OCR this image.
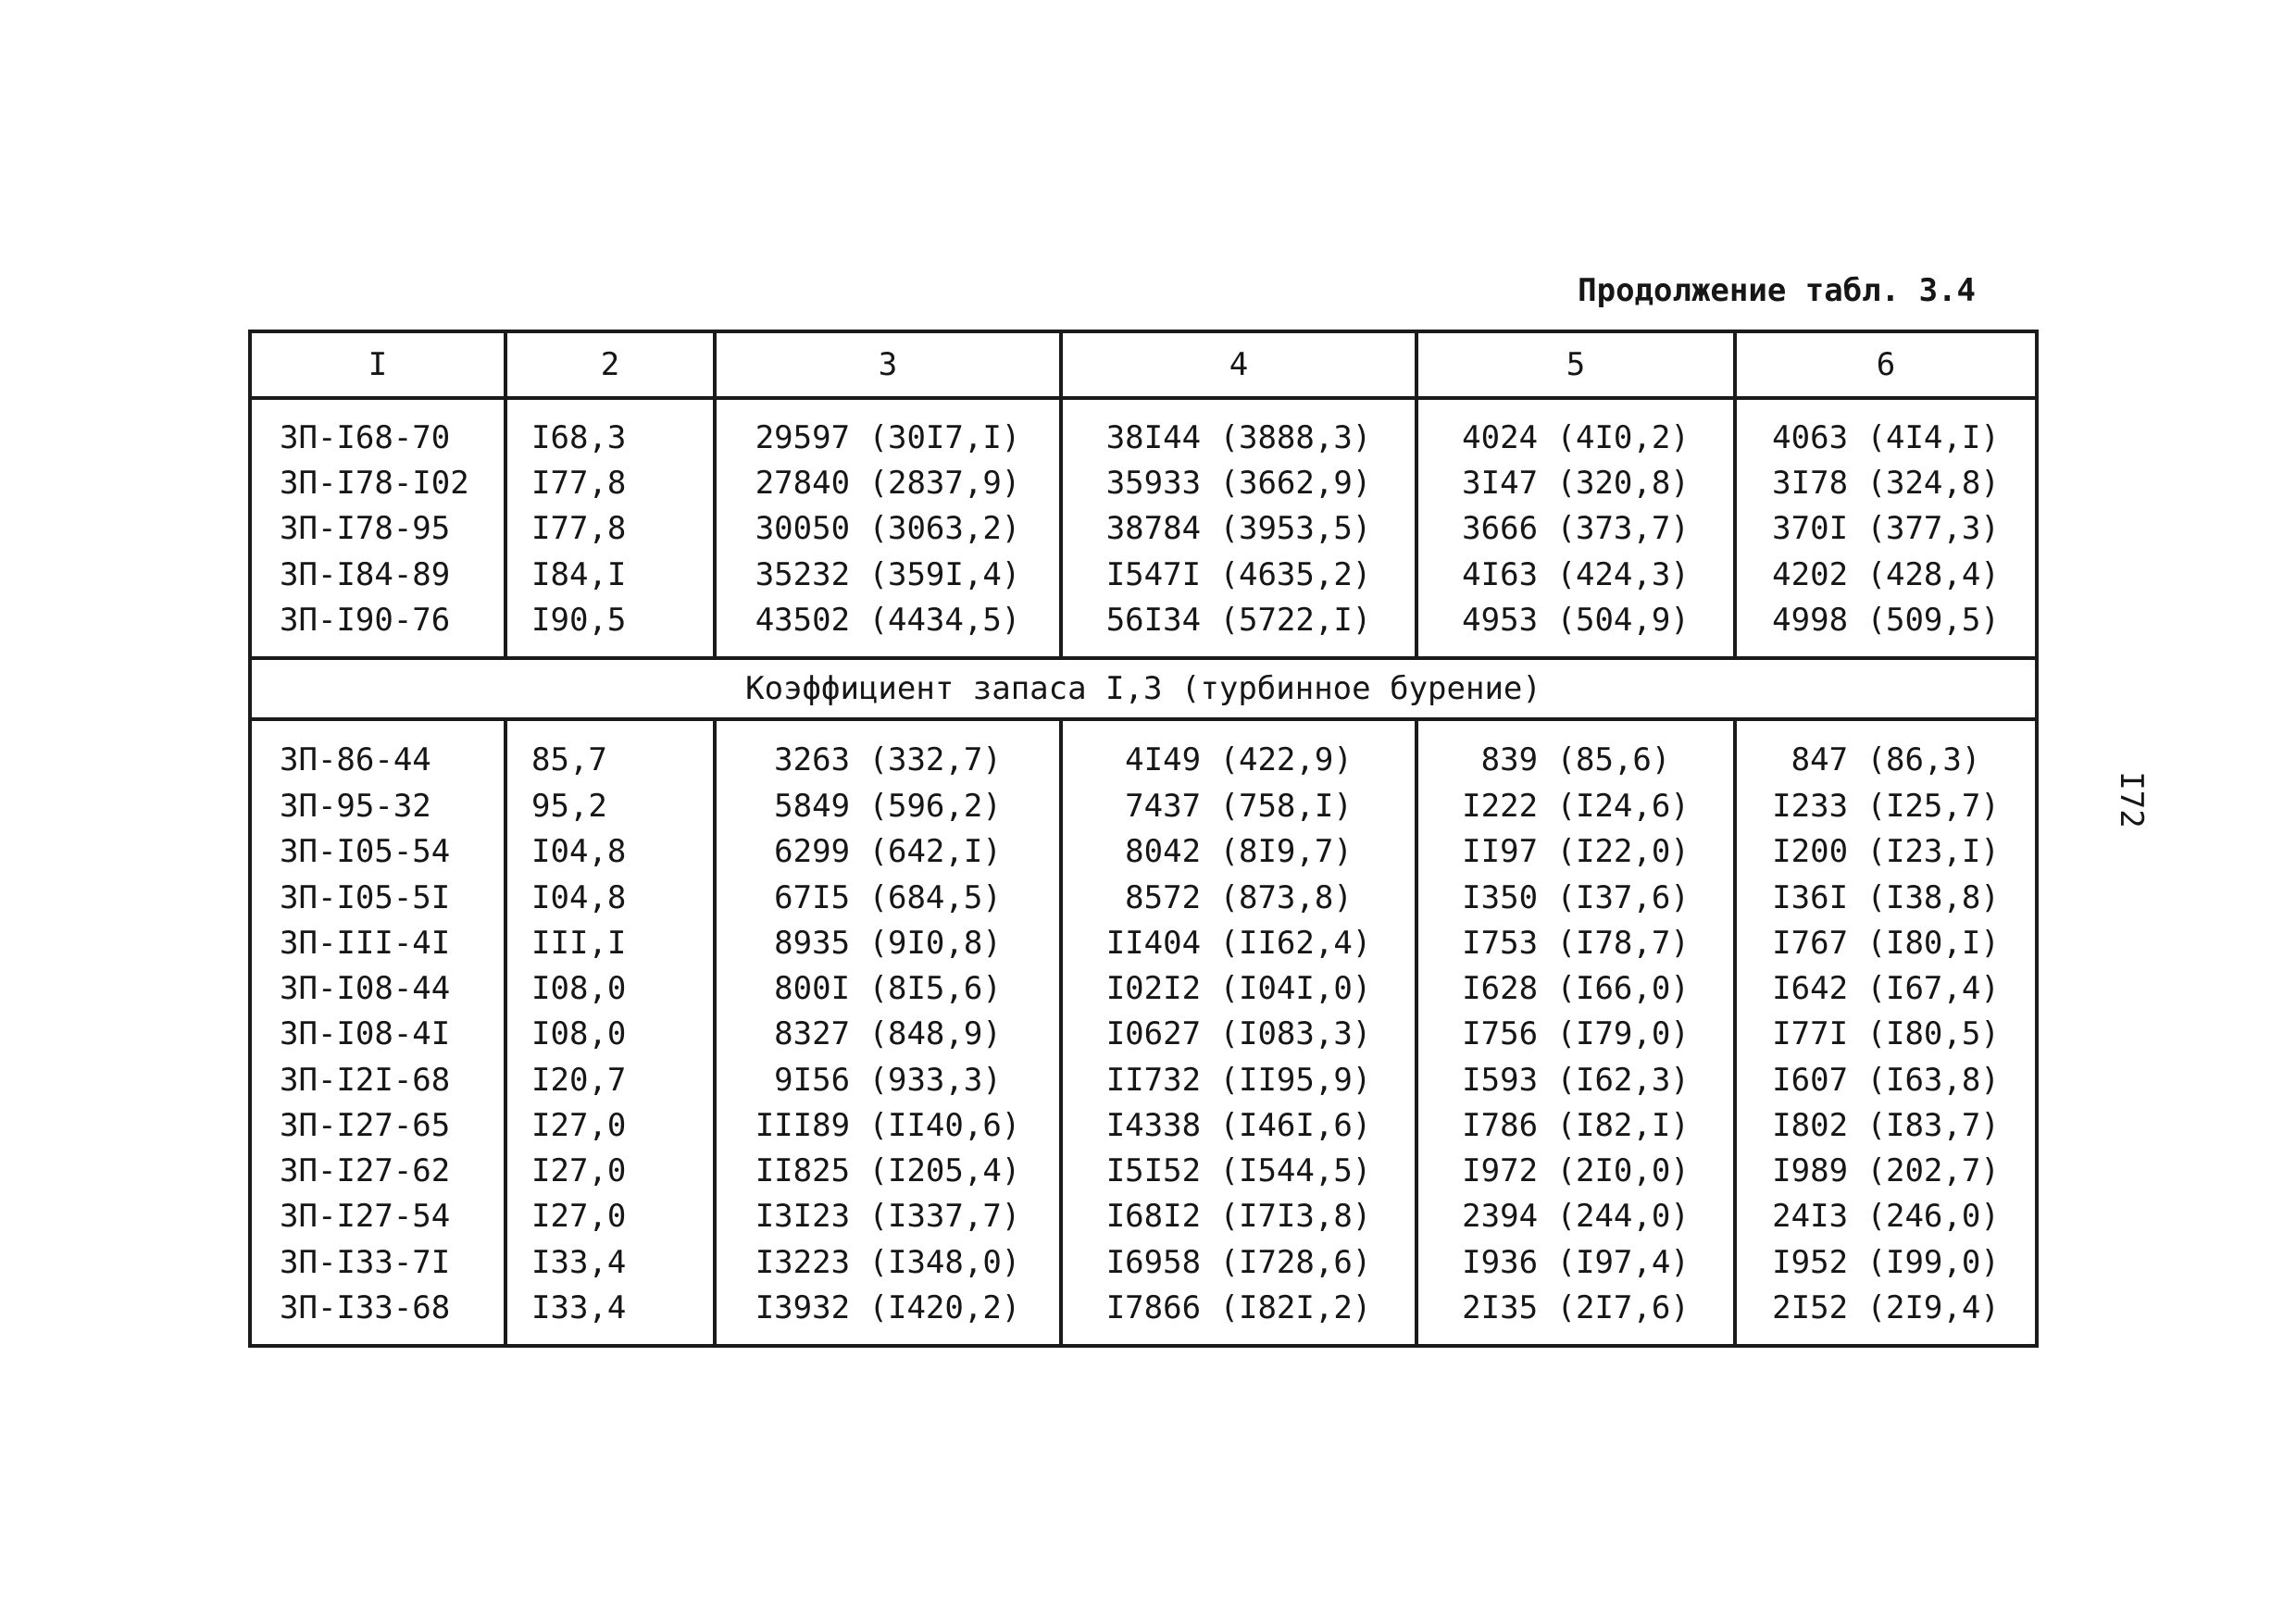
Продолжение табл. 3.4
I72
I	2	3	4	5	6

ЗП-I68-70	I68,3	29597 (30I7,I)	38I44 (3888,3)	4024 (4I0,2)	4063 (4I4,I)
ЗП-I78-I02	I77,8	27840 (2837,9)	35933 (3662,9)	3I47 (320,8)	3I78 (324,8)
ЗП-I78-95	I77,8	30050 (3063,2)	38784 (3953,5)	3666 (373,7)	370I (377,3)
ЗП-I84-89	I84,I	35232 (359I,4)	I547I (4635,2)	4I63 (424,3)	4202 (428,4)
ЗП-I90-76	I90,5	43502 (4434,5)	56I34 (5722,I)	4953 (504,9)	4998 (509,5)

Коэффициент запаса I,3 (турбинное бурение)					

ЗП-86-44	85,7	3263 (332,7)	4I49 (422,9)	839 (85,6)	847 (86,3)
ЗП-95-32	95,2	5849 (596,2)	7437 (758,I)	I222 (I24,6)	I233 (I25,7)
ЗП-I05-54	I04,8	6299 (642,I)	8042 (8I9,7)	II97 (I22,0)	I200 (I23,I)
ЗП-I05-5I	I04,8	67I5 (684,5)	8572 (873,8)	I350 (I37,6)	I36I (I38,8)
ЗП-III-4I	III,I	8935 (9I0,8)	II404 (II62,4)	I753 (I78,7)	I767 (I80,I)
ЗП-I08-44	I08,0	800I (8I5,6)	I02I2 (I04I,0)	I628 (I66,0)	I642 (I67,4)
ЗП-I08-4I	I08,0	8327 (848,9)	I0627 (I083,3)	I756 (I79,0)	I77I (I80,5)
ЗП-I2I-68	I20,7	9I56 (933,3)	II732 (II95,9)	I593 (I62,3)	I607 (I63,8)
ЗП-I27-65	I27,0	III89 (II40,6)	I4338 (I46I,6)	I786 (I82,I)	I802 (I83,7)
ЗП-I27-62	I27,0	II825 (I205,4)	I5I52 (I544,5)	I972 (2I0,0)	I989 (202,7)
ЗП-I27-54	I27,0	I3I23 (I337,7)	I68I2 (I7I3,8)	2394 (244,0)	24I3 (246,0)
ЗП-I33-7I	I33,4	I3223 (I348,0)	I6958 (I728,6)	I936 (I97,4)	I952 (I99,0)
ЗП-I33-68	I33,4	I3932 (I420,2)	I7866 (I82I,2)	2I35 (2I7,6)	2I52 (2I9,4)
